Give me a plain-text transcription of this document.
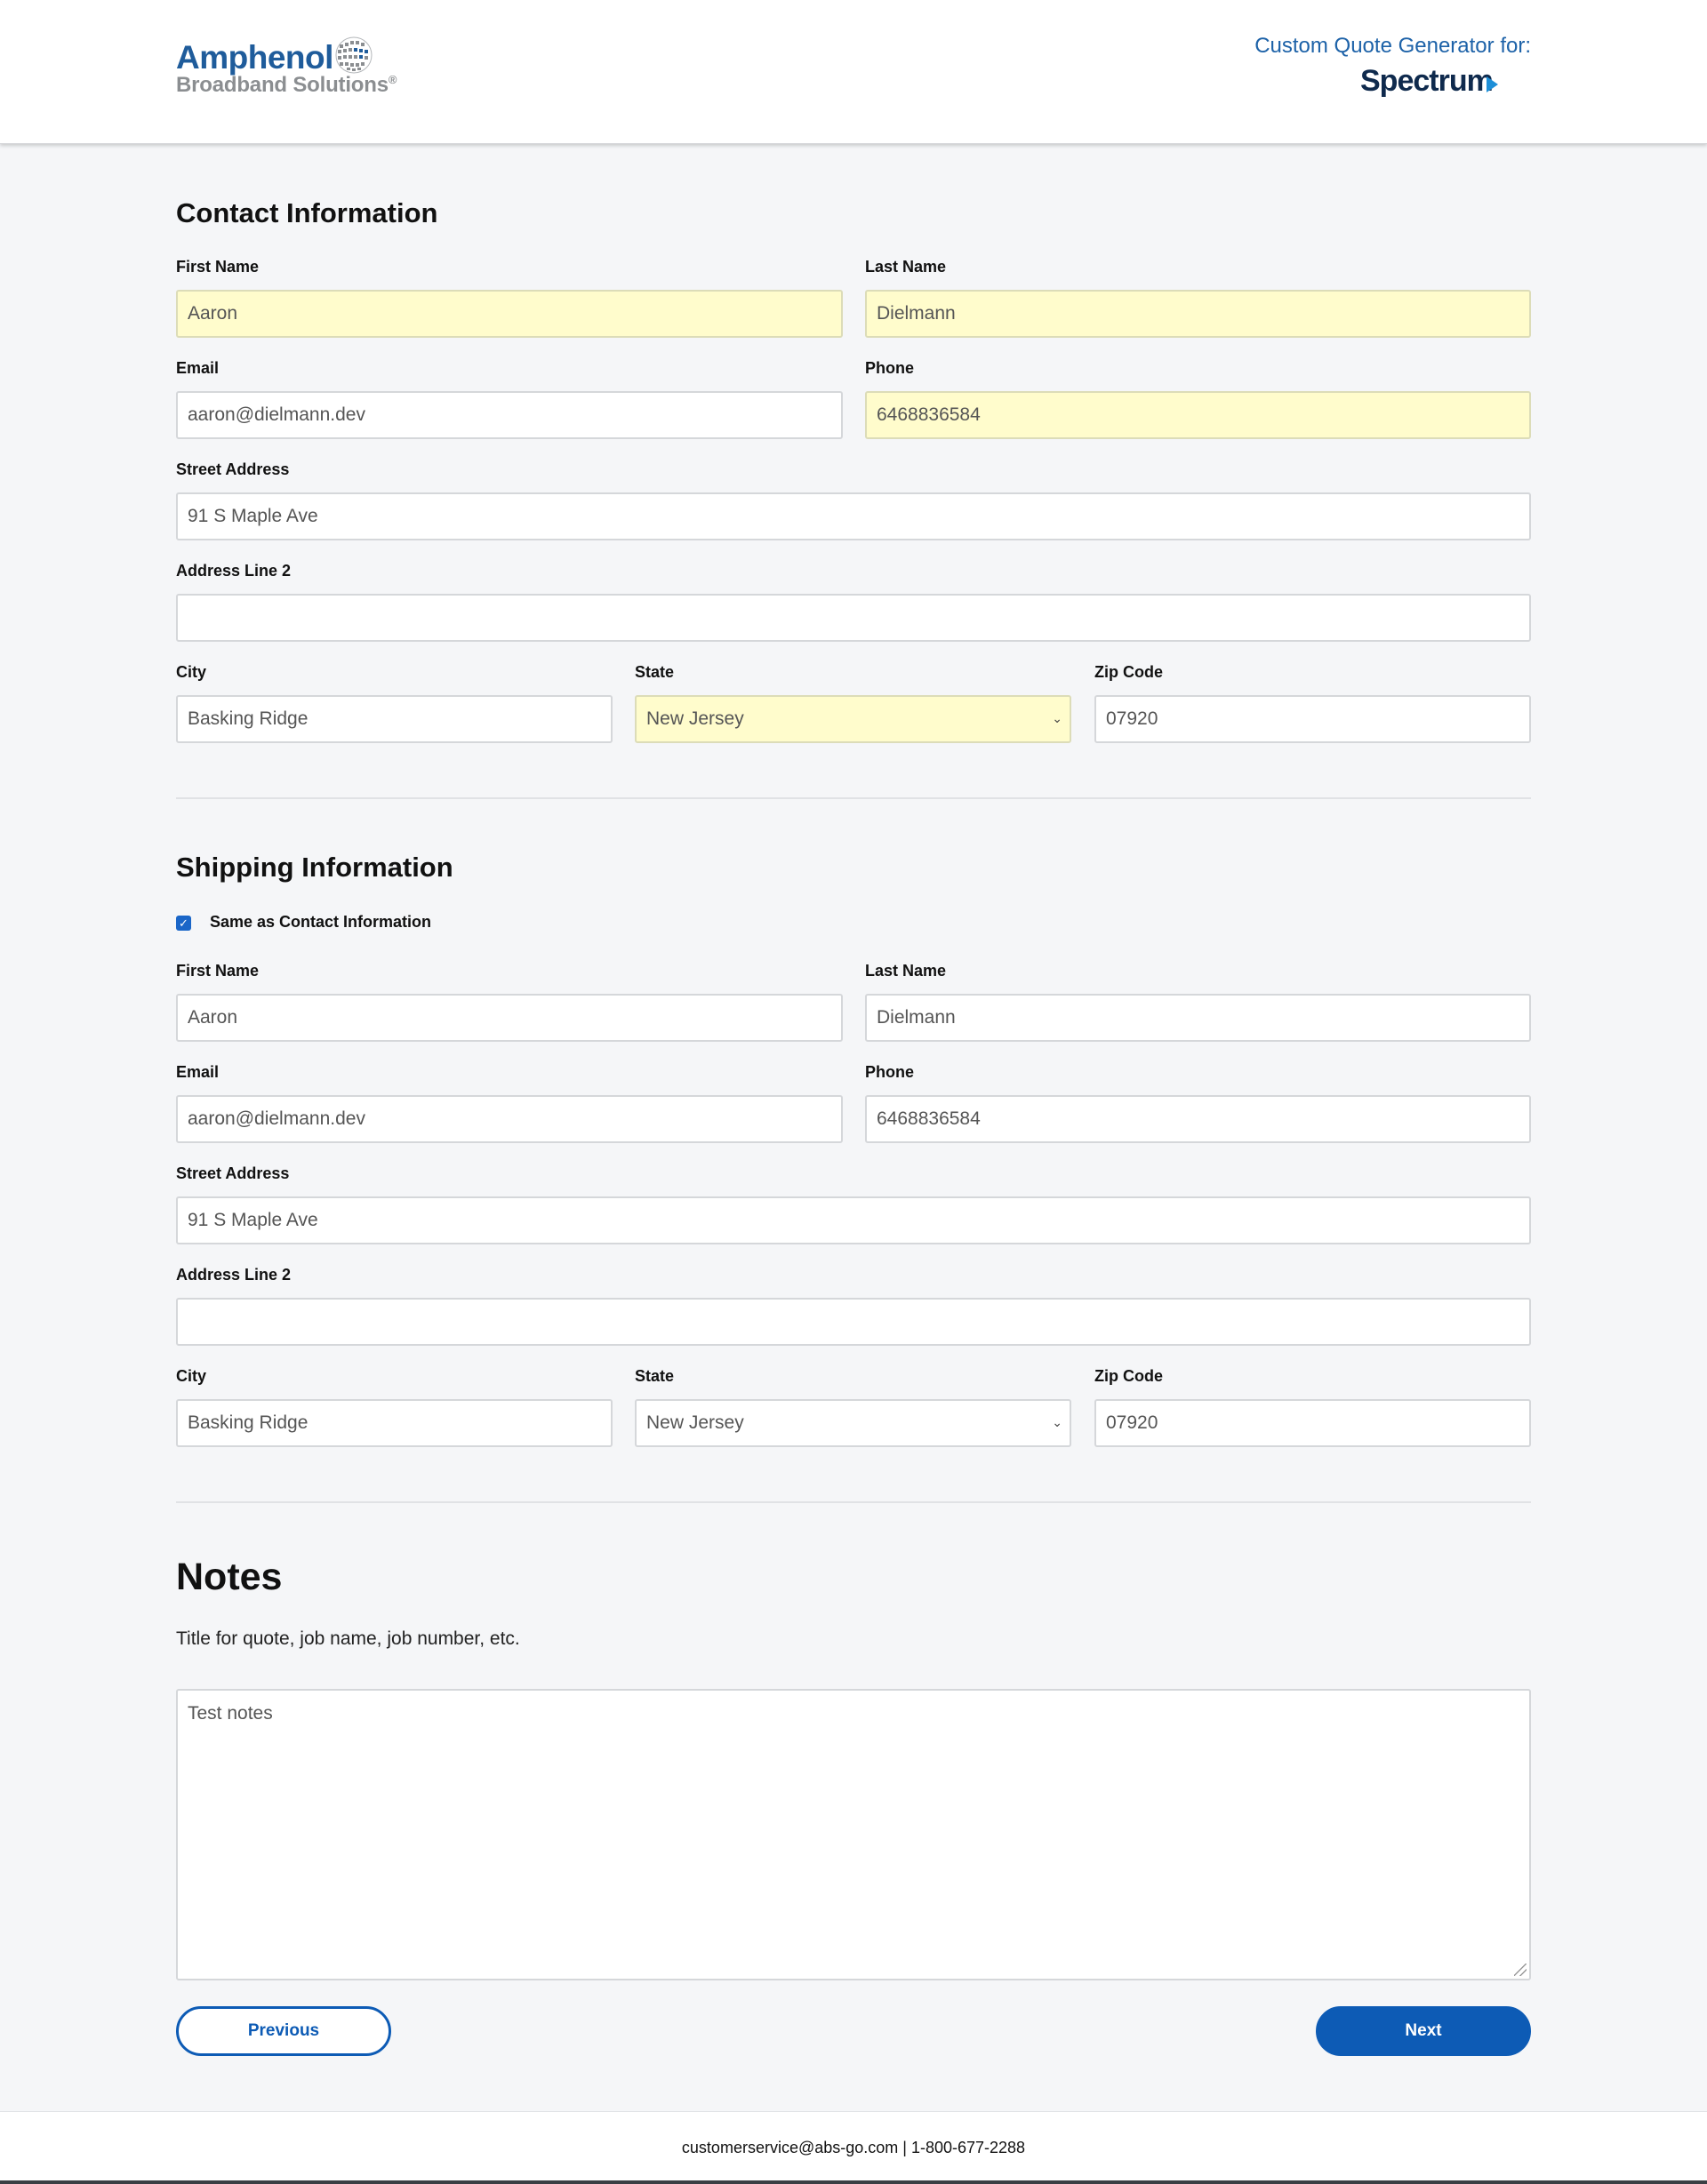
Amphenol
Broadband Solutions®
Custom Quote Generator for:
Spectrum
Contact Information
First Name
Aaron
Last Name
Dielmann
Email
aaron@dielmann.dev
Phone
6468836584
Street Address
91 S Maple Ave
Address Line 2
City
Basking Ridge
State
New Jersey	⌄
Zip Code
07920
Shipping Information
✓ Same as Contact Information
First Name
Aaron
Last Name
Dielmann
Email
aaron@dielmann.dev
Phone
6468836584
Street Address
91 S Maple Ave
Address Line 2
City
Basking Ridge
State
New Jersey	⌄
Zip Code
07920
Notes
Title for quote, job name, job number, etc.
Test notes
Previous	Next
customerservice@abs-go.com | 1-800-677-2288
